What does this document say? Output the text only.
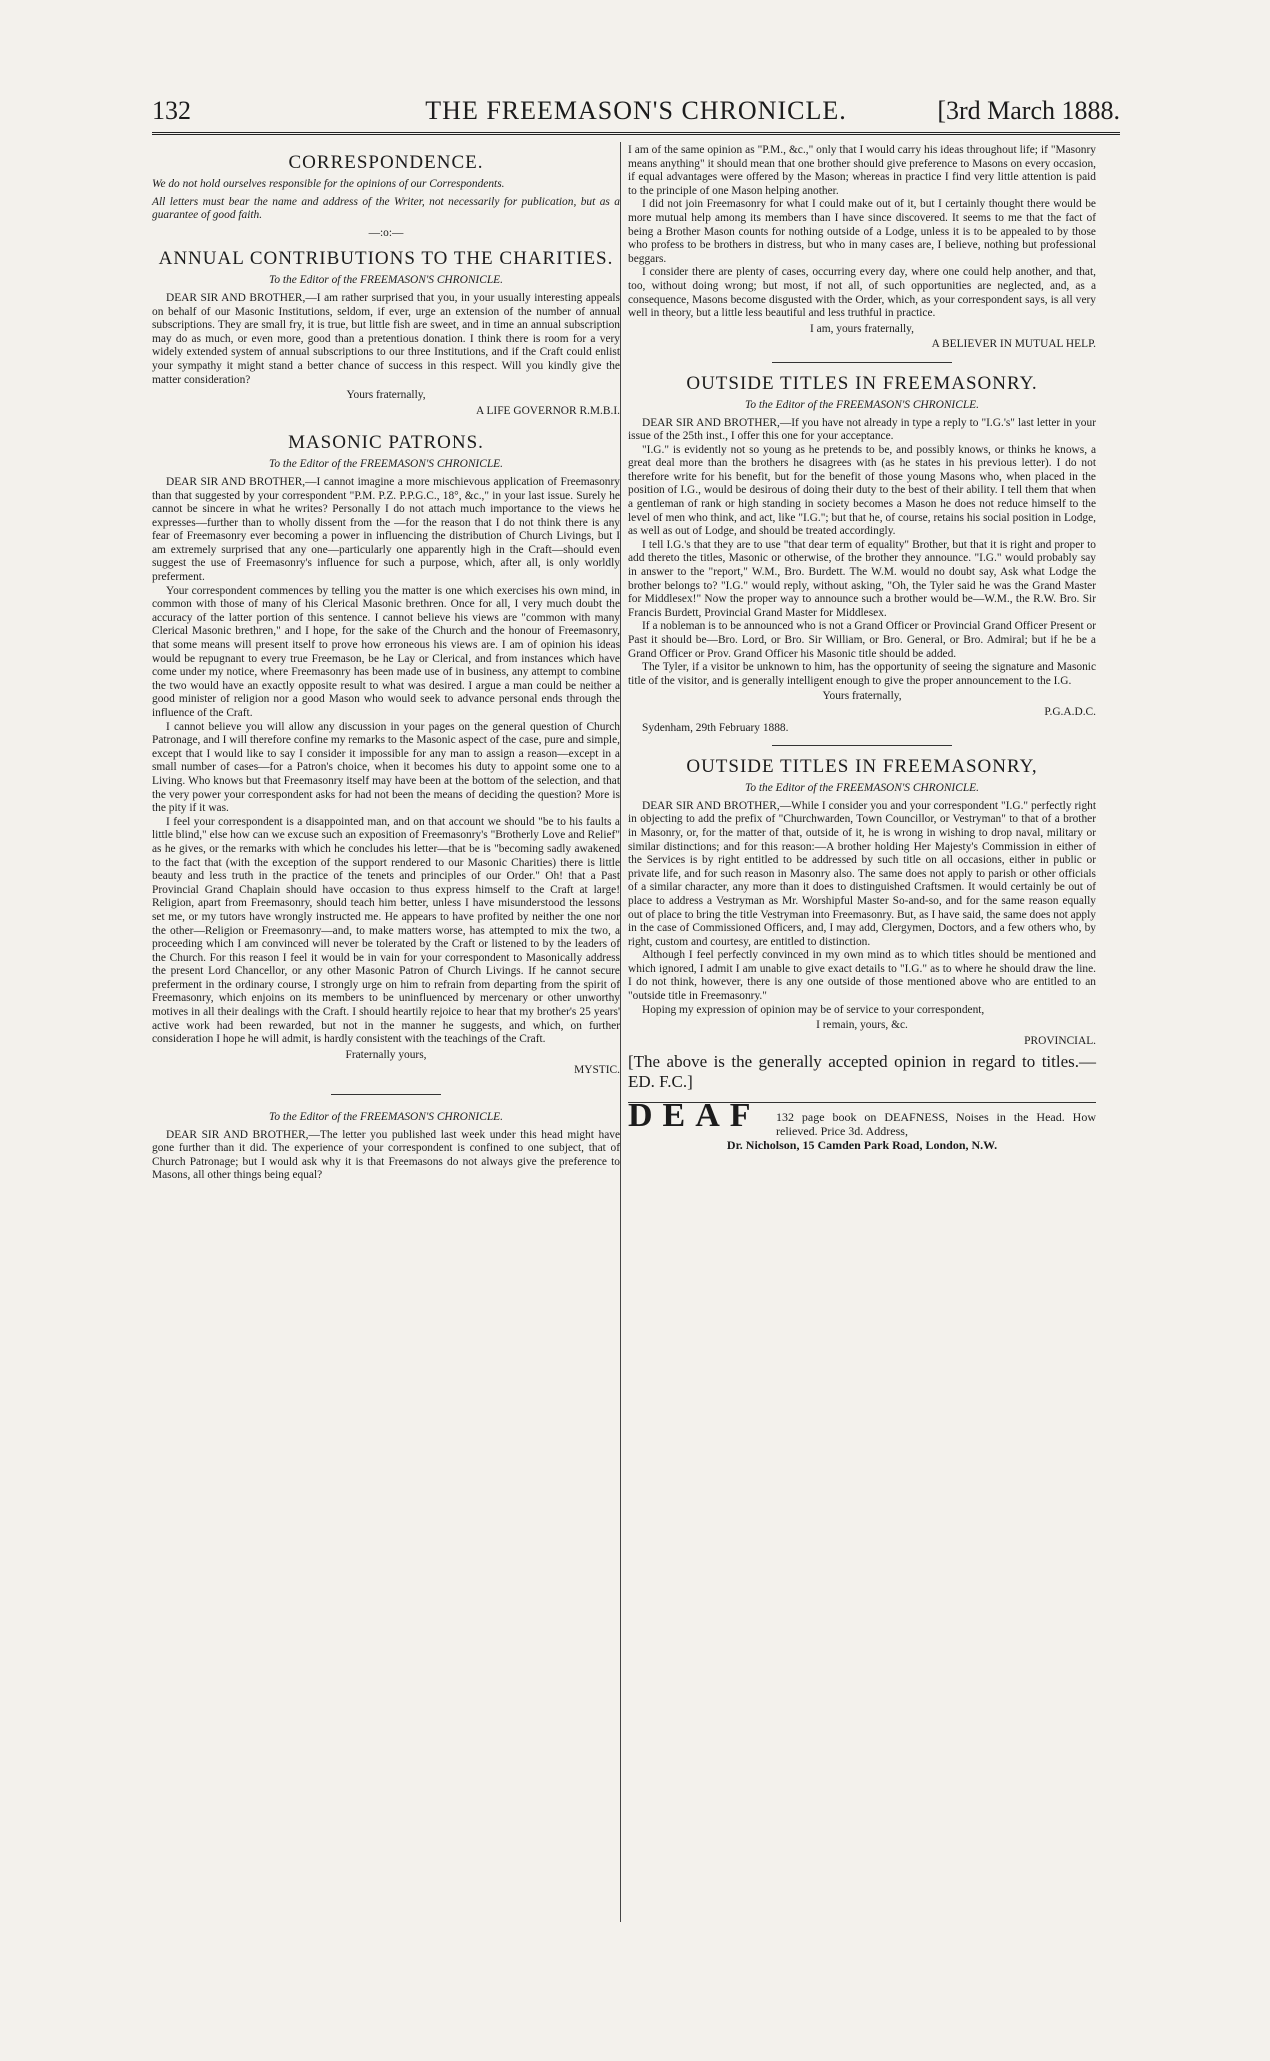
132	THE FREEMASON'S CHRONICLE.	[3rd March 1888.
CORRESPONDENCE.

We do not hold ourselves responsible for the opinions of our Correspondents.

All letters must bear the name and address of the Writer, not necessarily for publication, but as a guarantee of good faith.

—:o:—
ANNUAL CONTRIBUTIONS TO THE CHARITIES.
To the Editor of the FREEMASON'S CHRONICLE.

DEAR SIR AND BROTHER,—I am rather surprised that you, in your usually interesting appeals on behalf of our Masonic Institutions, seldom, if ever, urge an extension of the number of annual subscriptions. They are small fry, it is true, but little fish are sweet, and in time an annual subscription may do as much, or even more, good than a pretentious donation. I think there is room for a very widely extended system of annual subscriptions to our three Institutions, and if the Craft could enlist your sympathy it might stand a better chance of success in this respect. Will you kindly give the matter consideration?

Yours fraternally,
A LIFE GOVERNOR R.M.B.I.
MASONIC PATRONS.
To the Editor of the FREEMASON'S CHRONICLE.

DEAR SIR AND BROTHER,—I cannot imagine a more mischievous application of Freemasonry than that suggested by your correspondent "P.M. P.Z. P.P.G.C., 18°, &c.," in your last issue. Surely he cannot be sincere in what he writes? Personally I do not attach much importance to the views he expresses—further than to wholly dissent from the —for the reason that I do not think there is any fear of Freemasonry ever becoming a power in influencing the distribution of Church Livings, but I am extremely surprised that any one—particularly one apparently high in the Craft—should even suggest the use of Freemasonry's influence for such a purpose, which, after all, is only worldly preferment.

Your correspondent commences by telling you the matter is one which exercises his own mind, in common with those of many of his Clerical Masonic brethren. Once for all, I very much doubt the accuracy of the latter portion of this sentence. I cannot believe his views are "common with many Clerical Masonic brethren," and I hope, for the sake of the Church and the honour of Freemasonry, that some means will present itself to prove how erroneous his views are. I am of opinion his ideas would be repugnant to every true Freemason, be he Lay or Clerical, and from instances which have come under my notice, where Freemasonry has been made use of in business, any attempt to combine the two would have an exactly opposite result to what was desired. I argue a man could be neither a good minister of religion nor a good Mason who would seek to advance personal ends through the influence of the Craft.

I cannot believe you will allow any discussion in your pages on the general question of Church Patronage, and I will therefore confine my remarks to the Masonic aspect of the case, pure and simple, except that I would like to say I consider it impossible for any man to assign a reason—except in a small number of cases—for a Patron's choice, when it becomes his duty to appoint some one to a Living. Who knows but that Freemasonry itself may have been at the bottom of the selection, and that the very power your correspondent asks for had not been the means of deciding the question? More is the pity if it was.

I feel your correspondent is a disappointed man, and on that account we should "be to his faults a little blind," else how can we excuse such an exposition of Freemasonry's "Brotherly Love and Relief" as he gives, or the remarks with which he concludes his letter—that be is "becoming sadly awakened to the fact that (with the exception of the support rendered to our Masonic Charities) there is little beauty and less truth in the practice of the tenets and principles of our Order." Oh! that a Past Provincial Grand Chaplain should have occasion to thus express himself to the Craft at large! Religion, apart from Freemasonry, should teach him better, unless I have misunderstood the lessons set me, or my tutors have wrongly instructed me. He appears to have profited by neither the one nor the other—Religion or Freemasonry—and, to make matters worse, has attempted to mix the two, a proceeding which I am convinced will never be tolerated by the Craft or listened to by the leaders of the Church. For this reason I feel it would be in vain for your correspondent to Masonically address the present Lord Chancellor, or any other Masonic Patron of Church Livings. If he cannot secure preferment in the ordinary course, I strongly urge on him to refrain from departing from the spirit of Freemasonry, which enjoins on its members to be uninfluenced by mercenary or other unworthy motives in all their dealings with the Craft. I should heartily rejoice to hear that my brother's 25 years' active work had been rewarded, but not in the manner he suggests, and which, on further consideration I hope he will admit, is hardly consistent with the teachings of the Craft.

Fraternally yours,
MYSTIC.
To the Editor of the FREEMASON'S CHRONICLE.

DEAR SIR AND BROTHER,—The letter you published last week under this head might have gone further than it did. The experience of your correspondent is confined to one subject, that of Church Patronage; but I would ask why it is that Freemasons do not always give the preference to Masons, all other things being equal?

I am of the same opinion as "P.M., &c.," only that I would carry his ideas throughout life; if "Masonry means anything" it should mean that one brother should give preference to Masons on every occasion, if equal advantages were offered by the Mason; whereas in practice I find very little attention is paid to the principle of one Mason helping another.

I did not join Freemasonry for what I could make out of it, but I certainly thought there would be more mutual help among its members than I have since discovered. It seems to me that the fact of being a Brother Mason counts for nothing outside of a Lodge, unless it is to be appealed to by those who profess to be brothers in distress, but who in many cases are, I believe, nothing but professional beggars.

I consider there are plenty of cases, occurring every day, where one could help another, and that, too, without doing wrong; but most, if not all, of such opportunities are neglected, and, as a consequence, Masons become disgusted with the Order, which, as your correspondent says, is all very well in theory, but a little less beautiful and less truthful in practice.

I am, yours fraternally,
A BELIEVER IN MUTUAL HELP.
OUTSIDE TITLES IN FREEMASONRY.
To the Editor of the FREEMASON'S CHRONICLE.

DEAR SIR AND BROTHER,—If you have not already in type a reply to "I.G.'s" last letter in your issue of the 25th inst., I offer this one for your acceptance.

"I.G." is evidently not so young as he pretends to be, and possibly knows, or thinks he knows, a great deal more than the brothers he disagrees with (as he states in his previous letter). I do not therefore write for his benefit, but for the benefit of those young Masons who, when placed in the position of I.G., would be desirous of doing their duty to the best of their ability. I tell them that when a gentleman of rank or high standing in society becomes a Mason he does not reduce himself to the level of men who think, and act, like "I.G."; but that he, of course, retains his social position in Lodge, as well as out of Lodge, and should be treated accordingly.

I tell I.G.'s that they are to use "that dear term of equality" Brother, but that it is right and proper to add thereto the titles, Masonic or otherwise, of the brother they announce. "I.G." would probably say in answer to the "report," W.M., Bro. Burdett. The W.M. would no doubt say, Ask what Lodge the brother belongs to? "I.G." would reply, without asking, "Oh, the Tyler said he was the Grand Master for Middlesex!" Now the proper way to announce such a brother would be—W.M., the R.W. Bro. Sir Francis Burdett, Provincial Grand Master for Middlesex.

If a nobleman is to be announced who is not a Grand Officer or Provincial Grand Officer Present or Past it should be—Bro. Lord, or Bro. Sir William, or Bro. General, or Bro. Admiral; but if he be a Grand Officer or Prov. Grand Officer his Masonic title should be added.

The Tyler, if a visitor be unknown to him, has the opportunity of seeing the signature and Masonic title of the visitor, and is generally intelligent enough to give the proper announcement to the I.G.

Yours fraternally,
P.G.A.D.C.

Sydenham, 29th February 1888.

OUTSIDE TITLES IN FREEMASONRY,
To the Editor of the FREEMASON'S CHRONICLE.

DEAR SIR AND BROTHER,—While I consider you and your correspondent "I.G." perfectly right in objecting to add the prefix of "Churchwarden, Town Councillor, or Vestryman" to that of a brother in Masonry, or, for the matter of that, outside of it, he is wrong in wishing to drop naval, military or similar distinctions; and for this reason:—A brother holding Her Majesty's Commission in either of the Services is by right entitled to be addressed by such title on all occasions, either in public or private life, and for such reason in Masonry also. The same does not apply to parish or other officials of a similar character, any more than it does to distinguished Craftsmen. It would certainly be out of place to address a Vestryman as Mr. Worshipful Master So-and-so, and for the same reason equally out of place to bring the title Vestryman into Freemasonry. But, as I have said, the same does not apply in the case of Commissioned Officers, and, I may add, Clergymen, Doctors, and a few others who, by right, custom and courtesy, are entitled to distinction.

Although I feel perfectly convinced in my own mind as to which titles should be mentioned and which ignored, I admit I am unable to give exact details to "I.G." as to where he should draw the line. I do not think, however, there is any one outside of those mentioned above who are entitled to an "outside title in Freemasonry."

Hoping my expression of opinion may be of service to your correspondent,

I remain, yours, &c.
PROVINCIAL.

[The above is the generally accepted opinion in regard to titles.—ED. F.C.]

DEAF 132 page book on DEAFNESS, Noises in the Head. How relieved. Price 3d. Address,
Dr. Nicholson, 15 Camden Park Road, London, N.W.
